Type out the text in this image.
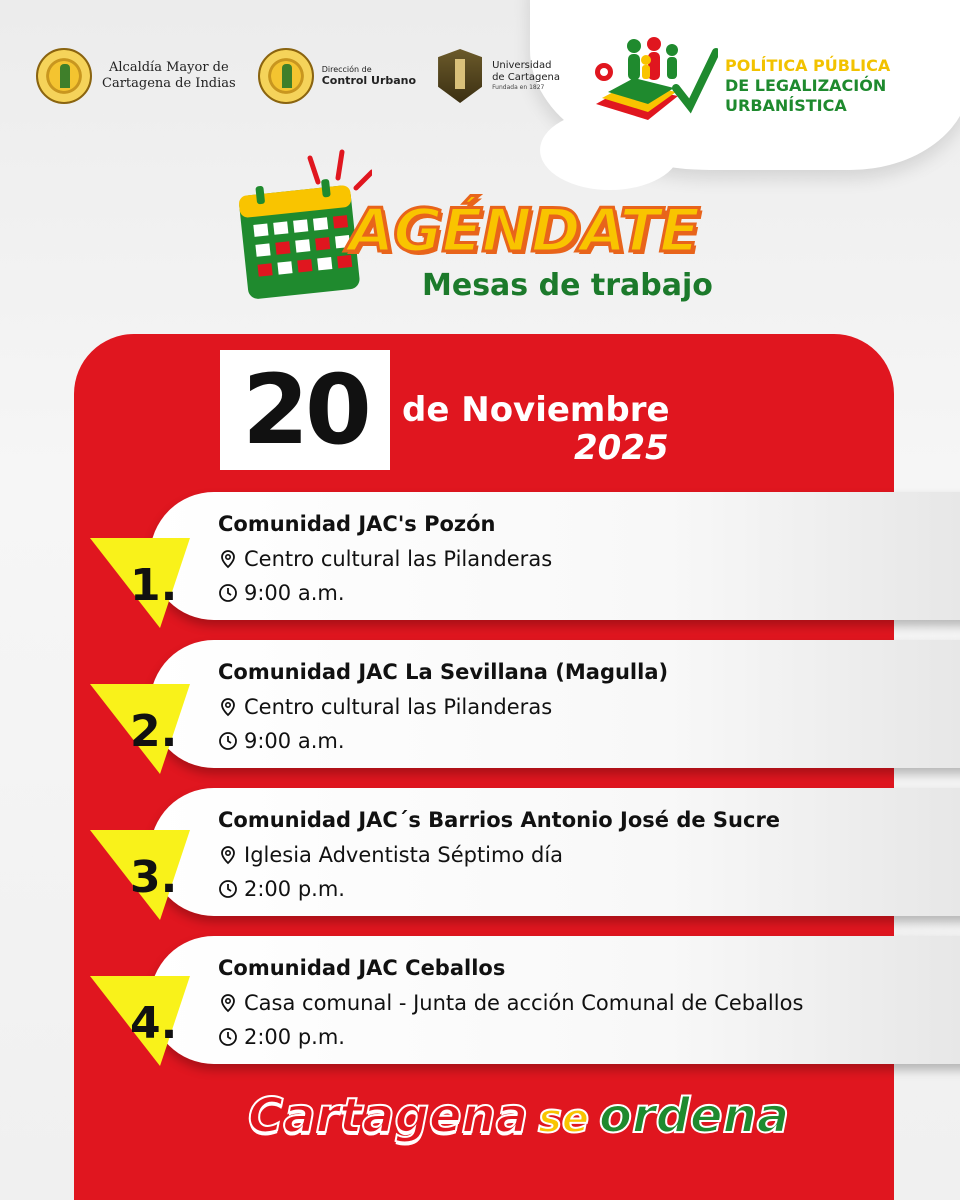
POLÍTICA PÚBLICA
DE LEGALIZACIÓN
URBANÍSTICA
Alcaldía Mayor de
Cartagena de Indias
Dirección de
Control Urbano
Universidad
de Cartagena
Fundada en 1827
AGÉNDATE
Mesas de trabajo
20 de Noviembre
2025
Comunidad JAC's Pozón
Centro cultural las Pilanderas
9:00 a.m.
1.
Comunidad JAC La Sevillana (Magulla)
Centro cultural las Pilanderas
9:00 a.m.
2.
Comunidad JAC´s Barrios Antonio José de Sucre
Iglesia Adventista Séptimo día
2:00 p.m.
3.
Comunidad JAC Ceballos
Casa comunal - Junta de acción Comunal de Ceballos
2:00 p.m.
4.
Cartagena se ordena
